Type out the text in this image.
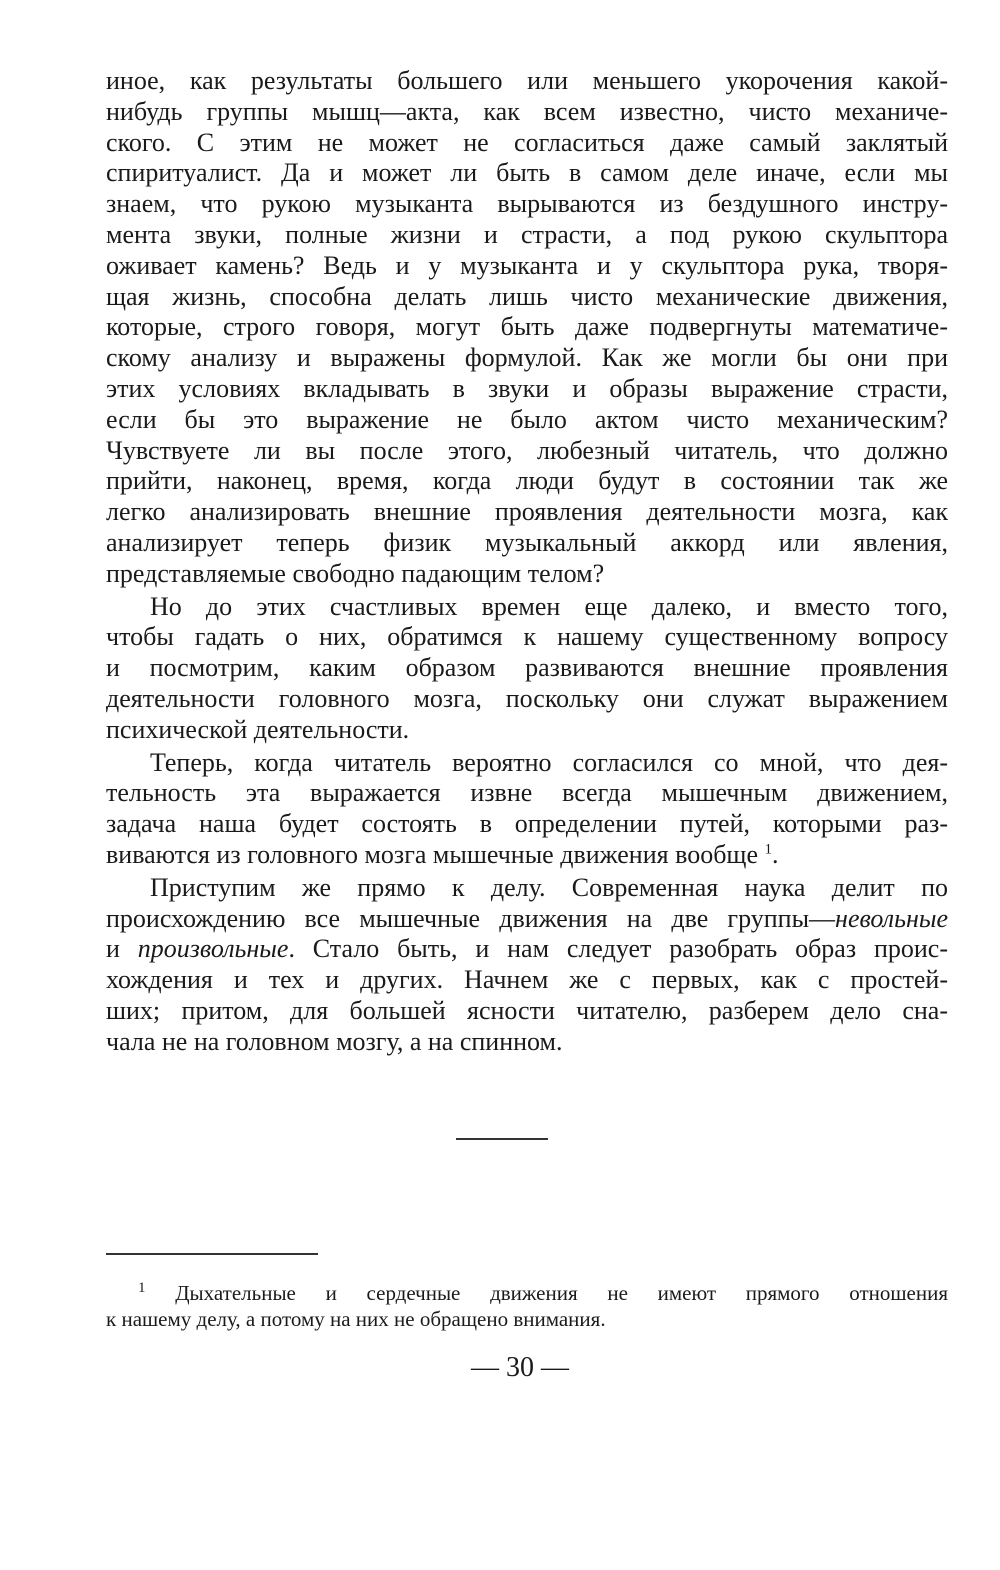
иное, как результаты большего или меньшего укорочения какой-
нибудь группы мышц—акта, как всем известно, чисто механиче-
ского. С этим не может не согласиться даже самый заклятый
спиритуалист. Да и может ли быть в самом деле иначе, если мы
знаем, что рукою музыканта вырываются из бездушного инстру-
мента звуки, полные жизни и страсти, а под рукою скульптора
оживает камень? Ведь и у музыканта и у скульптора рука, творя-
щая жизнь, способна делать лишь чисто механические движения,
которые, строго говоря, могут быть даже подвергнуты математиче-
скому анализу и выражены формулой. Как же могли бы они при
этих условиях вкладывать в звуки и образы выражение страсти,
если бы это выражение не было актом чисто механическим?
Чувствуете ли вы после этого, любезный читатель, что должно
прийти, наконец, время, когда люди будут в состоянии так же
легко анализировать внешние проявления деятельности мозга, как
анализирует теперь физик музыкальный аккорд или явления,
представляемые свободно падающим телом?

Но до этих счастливых времен еще далеко, и вместо того,
чтобы гадать о них, обратимся к нашему существенному вопросу
и посмотрим, каким образом развиваются внешние проявления
деятельности головного мозга, поскольку они служат выражением
психической деятельности.

Теперь, когда читатель вероятно согласился со мной, что дея-
тельность эта выражается извне всегда мышечным движением,
задача наша будет состоять в определении путей, которыми раз-
виваются из головного мозга мышечные движения вообще $^1$.

Приступим же прямо к делу. Современная наука делит по
происхождению все мышечные движения на две группы—невольные
и произвольные. Стало быть, и нам следует разобрать образ проис-
хождения и тех и других. Начнем же с первых, как с простей-
ших; притом, для большей ясности читателю, разберем дело сна-
чала не на головном мозгу, а на спинном.

$^1$ Дыхательные и сердечные движения не имеют прямого отношения
к нашему делу, а потому на них не обращено внимания.
— 30 —
